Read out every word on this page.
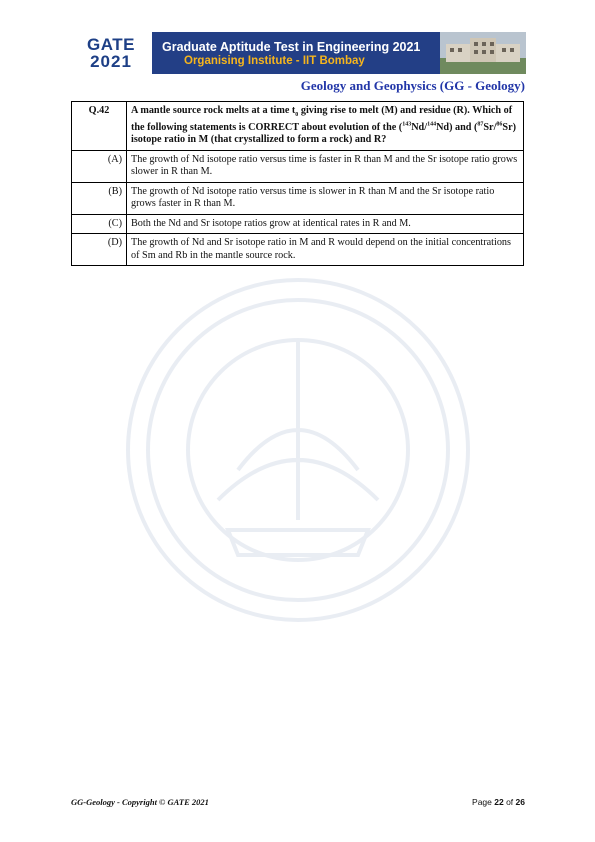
GATE
2021
Graduate Aptitude Test in Engineering 2021
Organising Institute - IIT Bombay
Geology and Geophysics (GG - Geology)
Q.42	A mantle source rock melts at a time $t_0$ giving rise to melt (M) and residue (R). Which of the following statements is CORRECT about evolution of the ($^{143}$Nd/$^{144}$Nd) and ($^{87}$Sr/$^{86}$Sr) isotope ratio in M (that crystallized to form a rock) and R?
(A)	The growth of Nd isotope ratio versus time is faster in R than M and the Sr isotope ratio grows slower in R than M.
(B)	The growth of Nd isotope ratio versus time is slower in R than M and the Sr isotope ratio grows faster in R than M.
(C)	Both the Nd and Sr isotope ratios grow at identical rates in R and M.
(D)	The growth of Nd and Sr isotope ratio in M and R would depend on the initial concentrations of Sm and Rb in the mantle source rock.
GG-Geology - Copyright © GATE 2021	Page 22 of 26
